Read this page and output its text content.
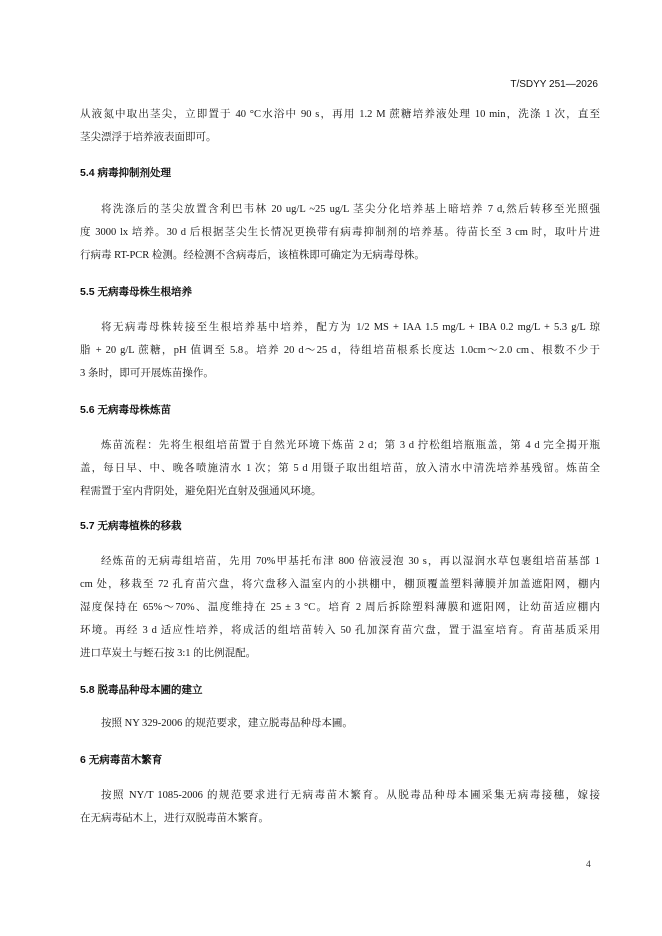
T/SDYY 251—2026
从液氮中取出茎尖，立即置于 40 °C水浴中 90 s，再用 1.2 M 蔗糖培养液处理 10 min，洗涤 1 次，直至
茎尖漂浮于培养液表面即可。
5.4 病毒抑制剂处理
将洗涤后的茎尖放置含利巴韦林 20 ug/L ~25 ug/L 茎尖分化培养基上暗培养 7 d,然后转移至光照强
度 3000 lx 培养。30 d 后根据茎尖生长情况更换带有病毒抑制剂的培养基。待苗长至 3 cm 时，取叶片进
行病毒 RT-PCR 检测。经检测不含病毒后，该植株即可确定为无病毒母株。
5.5 无病毒母株生根培养
将无病毒母株转接至生根培养基中培养，配方为 1/2 MS + IAA 1.5 mg/L + IBA 0.2 mg/L + 5.3 g/L 琼
脂 + 20 g/L 蔗糖，pH 值调至 5.8。培养 20 d～25 d，待组培苗根系长度达 1.0cm～2.0 cm、根数不少于
3 条时，即可开展炼苗操作。
5.6 无病毒母株炼苗
炼苗流程：先将生根组培苗置于自然光环境下炼苗 2 d；第 3 d 拧松组培瓶瓶盖，第 4 d 完全揭开瓶
盖，每日早、中、晚各喷施清水 1 次；第 5 d 用镊子取出组培苗，放入清水中清洗培养基残留。炼苗全
程需置于室内背阴处，避免阳光直射及强通风环境。
5.7 无病毒植株的移栽
经炼苗的无病毒组培苗，先用 70%甲基托布津 800 倍液浸泡 30 s，再以湿润水草包裹组培苗基部 1
cm 处，移栽至 72 孔育苗穴盘，将穴盘移入温室内的小拱棚中，棚顶覆盖塑料薄膜并加盖遮阳网，棚内
湿度保持在 65%～70%、温度维持在 25 ± 3 °C。培育 2 周后拆除塑料薄膜和遮阳网，让幼苗适应棚内
环境。再经 3 d 适应性培养，将成活的组培苗转入 50 孔加深育苗穴盘，置于温室培育。育苗基质采用
进口草炭土与蛭石按 3:1 的比例混配。
5.8 脱毒品种母本圃的建立
按照 NY 329-2006 的规范要求，建立脱毒品种母本圃。
6 无病毒苗木繁育
按照 NY/T 1085-2006 的规范要求进行无病毒苗木繁育。从脱毒品种母本圃采集无病毒接穗，嫁接
在无病毒砧木上，进行双脱毒苗木繁育。
4
